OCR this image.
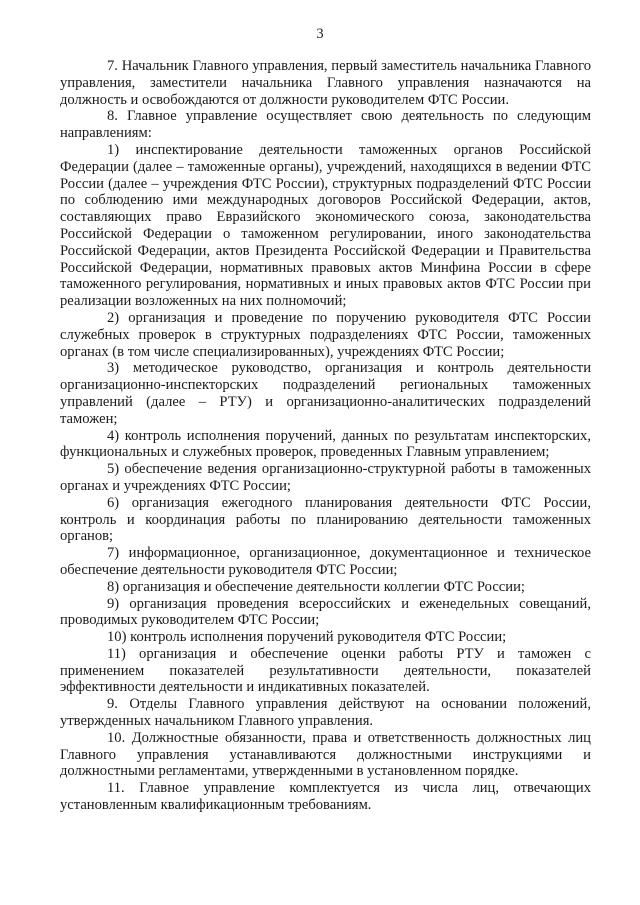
3

7. Начальник Главного управления, первый заместитель начальника Главного управления, заместители начальника Главного управления назначаются на должность и освобождаются от должности руководителем ФТС России.

8. Главное управление осуществляет свою деятельность по следующим направлениям:

1) инспектирование деятельности таможенных органов Российской Федерации (далее – таможенные органы), учреждений, находящихся в ведении ФТС России (далее – учреждения ФТС России), структурных подразделений ФТС России по соблюдению ими международных договоров Российской Федерации, актов, составляющих право Евразийского экономического союза, законодательства Российской Федерации о таможенном регулировании, иного законодательства Российской Федерации, актов Президента Российской Федерации и Правительства Российской Федерации, нормативных правовых актов Минфина России в сфере таможенного регулирования, нормативных и иных правовых актов ФТС России при реализации возложенных на них полномочий;

2) организация и проведение по поручению руководителя ФТС России служебных проверок в структурных подразделениях ФТС России, таможенных органах (в том числе специализированных), учреждениях ФТС России;

3) методическое руководство, организация и контроль деятельности организационно-инспекторских подразделений региональных таможенных управлений (далее – РТУ) и организационно-аналитических подразделений таможен;

4) контроль исполнения поручений, данных по результатам инспекторских, функциональных и служебных проверок, проведенных Главным управлением;

5) обеспечение ведения организационно-структурной работы в таможенных органах и учреждениях ФТС России;

6) организация ежегодного планирования деятельности ФТС России, контроль и координация работы по планированию деятельности таможенных органов;

7) информационное, организационное, документационное и техническое обеспечение деятельности руководителя ФТС России;

8) организация и обеспечение деятельности коллегии ФТС России;

9) организация проведения всероссийских и еженедельных совещаний, проводимых руководителем ФТС России;

10) контроль исполнения поручений руководителя ФТС России;

11) организация и обеспечение оценки работы РТУ и таможен с применением показателей результативности деятельности, показателей эффективности деятельности и индикативных показателей.

9. Отделы Главного управления действуют на основании положений, утвержденных начальником Главного управления.

10. Должностные обязанности, права и ответственность должностных лиц Главного управления устанавливаются должностными инструкциями и должностными регламентами, утвержденными в установленном порядке.

11. Главное управление комплектуется из числа лиц, отвечающих установленным квалификационным требованиям.
